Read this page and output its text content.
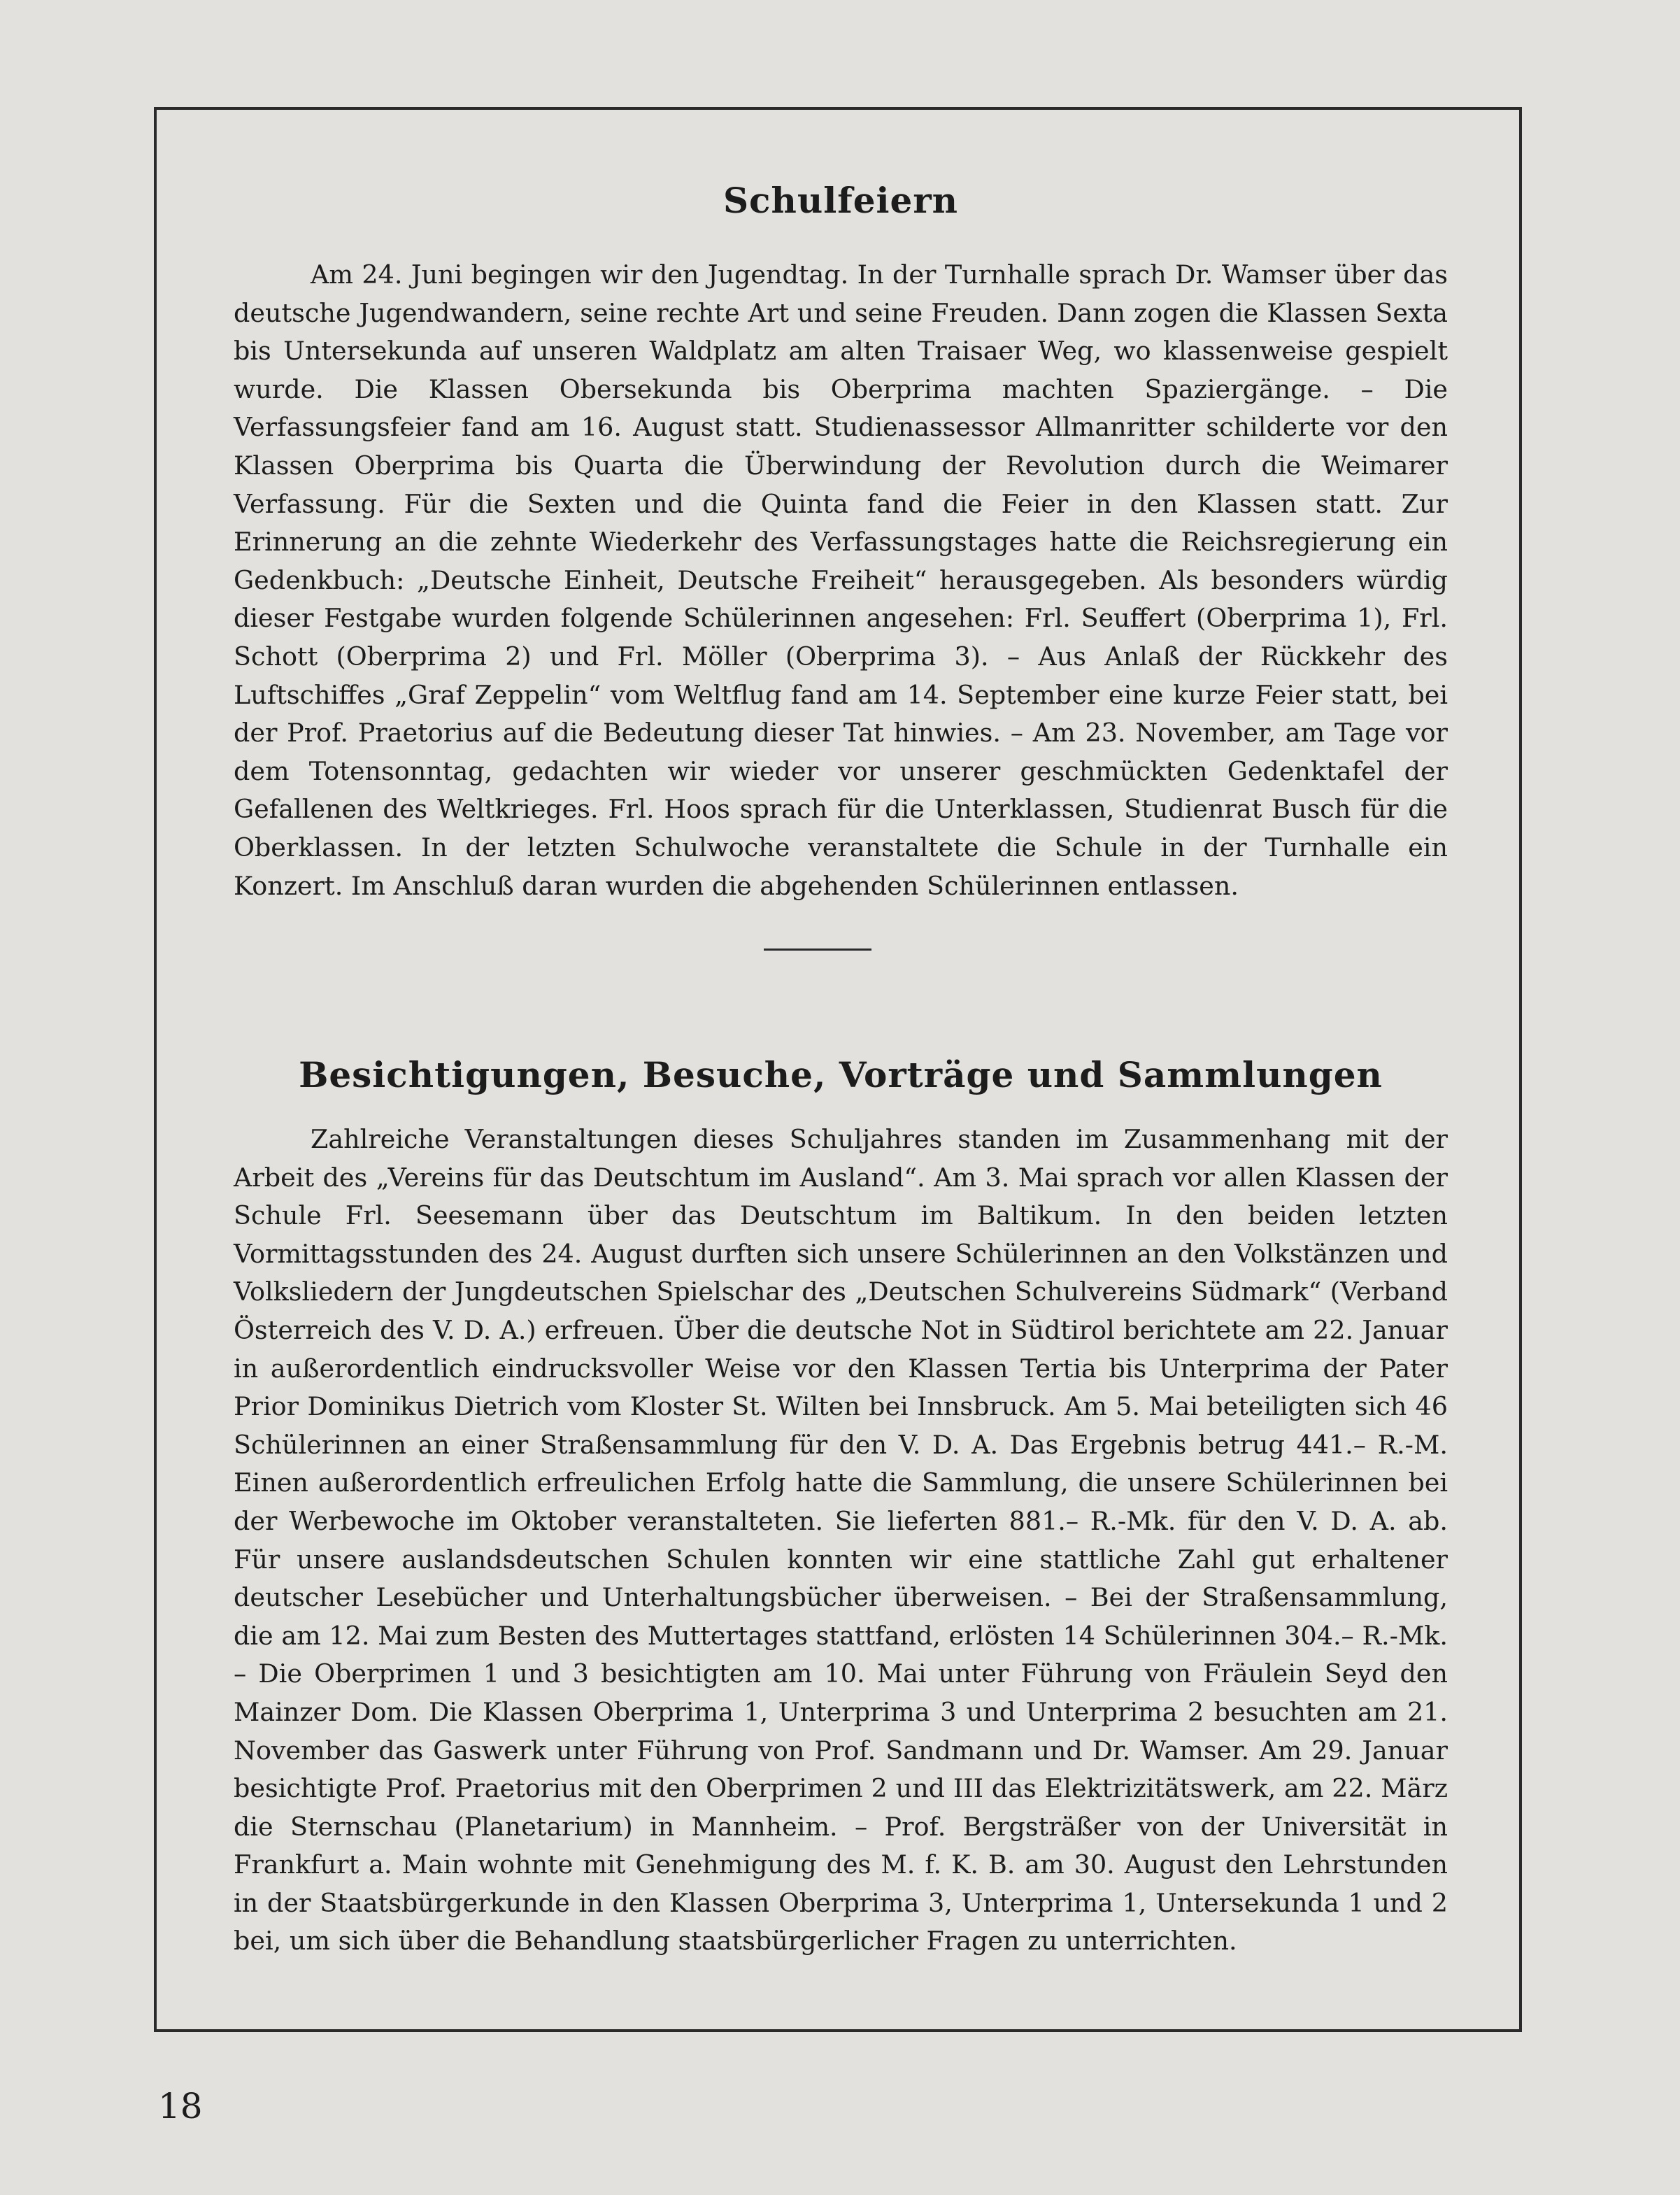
Schulfeiern

Am 24. Juni begingen wir den Jugendtag. In der Turnhalle sprach Dr. Wamser über das deutsche Jugendwandern, seine rechte Art und seine Freuden. Dann zogen die Klassen Sexta bis Untersekunda auf unseren Waldplatz am alten Traisaer Weg, wo klassenweise gespielt wurde. Die Klassen Obersekunda bis Oberprima machten Spaziergänge. – Die Verfassungsfeier fand am 16. August statt. Studienassessor Allmanritter schilderte vor den Klassen Oberprima bis Quarta die Überwindung der Revolution durch die Weimarer Verfassung. Für die Sexten und die Quinta fand die Feier in den Klassen statt. Zur Erinnerung an die zehnte Wiederkehr des Verfassungstages hatte die Reichsregierung ein Gedenkbuch: „Deutsche Einheit, Deutsche Freiheit“ herausgegeben. Als besonders würdig dieser Festgabe wurden folgende Schülerinnen angesehen: Frl. Seuffert (Oberprima 1), Frl. Schott (Oberprima 2) und Frl. Möller (Oberprima 3). – Aus Anlaß der Rückkehr des Luftschiffes „Graf Zeppelin“ vom Weltflug fand am 14. September eine kurze Feier statt, bei der Prof. Praetorius auf die Bedeutung dieser Tat hinwies. – Am 23. November, am Tage vor dem Totensonntag, gedachten wir wieder vor unserer geschmückten Gedenktafel der Gefallenen des Weltkrieges. Frl. Hoos sprach für die Unterklassen, Studienrat Busch für die Oberklassen. In der letzten Schulwoche veranstaltete die Schule in der Turnhalle ein Konzert. Im Anschluß daran wurden die abgehenden Schülerinnen entlassen.

Besichtigungen, Besuche, Vorträge und Sammlungen

Zahlreiche Veranstaltungen dieses Schuljahres standen im Zusammenhang mit der Arbeit des „Vereins für das Deutschtum im Ausland“. Am 3. Mai sprach vor allen Klassen der Schule Frl. Seesemann über das Deutschtum im Baltikum. In den beiden letzten Vormittagsstunden des 24. August durften sich unsere Schülerinnen an den Volkstänzen und Volksliedern der Jungdeutschen Spielschar des „Deutschen Schulvereins Südmark“ (Verband Österreich des V. D. A.) erfreuen. Über die deutsche Not in Südtirol berichtete am 22. Januar in außerordentlich eindrucksvoller Weise vor den Klassen Tertia bis Unterprima der Pater Prior Dominikus Dietrich vom Kloster St. Wilten bei Innsbruck. Am 5. Mai beteiligten sich 46 Schülerinnen an einer Straßensammlung für den V. D. A. Das Ergebnis betrug 441.– R.-M. Einen außerordentlich erfreulichen Erfolg hatte die Sammlung, die unsere Schülerinnen bei der Werbewoche im Oktober veranstalteten. Sie lieferten 881.– R.-Mk. für den V. D. A. ab. Für unsere auslandsdeutschen Schulen konnten wir eine stattliche Zahl gut erhaltener deutscher Lesebücher und Unterhaltungsbücher überweisen. – Bei der Straßensammlung, die am 12. Mai zum Besten des Muttertages stattfand, erlösten 14 Schülerinnen 304.– R.-Mk. – Die Oberprimen 1 und 3 besichtigten am 10. Mai unter Führung von Fräulein Seyd den Mainzer Dom. Die Klassen Oberprima 1, Unterprima 3 und Unterprima 2 besuchten am 21. November das Gaswerk unter Führung von Prof. Sandmann und Dr. Wamser. Am 29. Januar besichtigte Prof. Praetorius mit den Oberprimen 2 und III das Elektrizitätswerk, am 22. März die Sternschau (Planetarium) in Mannheim. – Prof. Bergsträßer von der Universität in Frankfurt a. Main wohnte mit Genehmigung des M. f. K. B. am 30. August den Lehrstunden in der Staatsbürgerkunde in den Klassen Oberprima 3, Unterprima 1, Untersekunda 1 und 2 bei, um sich über die Behandlung staatsbürgerlicher Fragen zu unterrichten.

18
